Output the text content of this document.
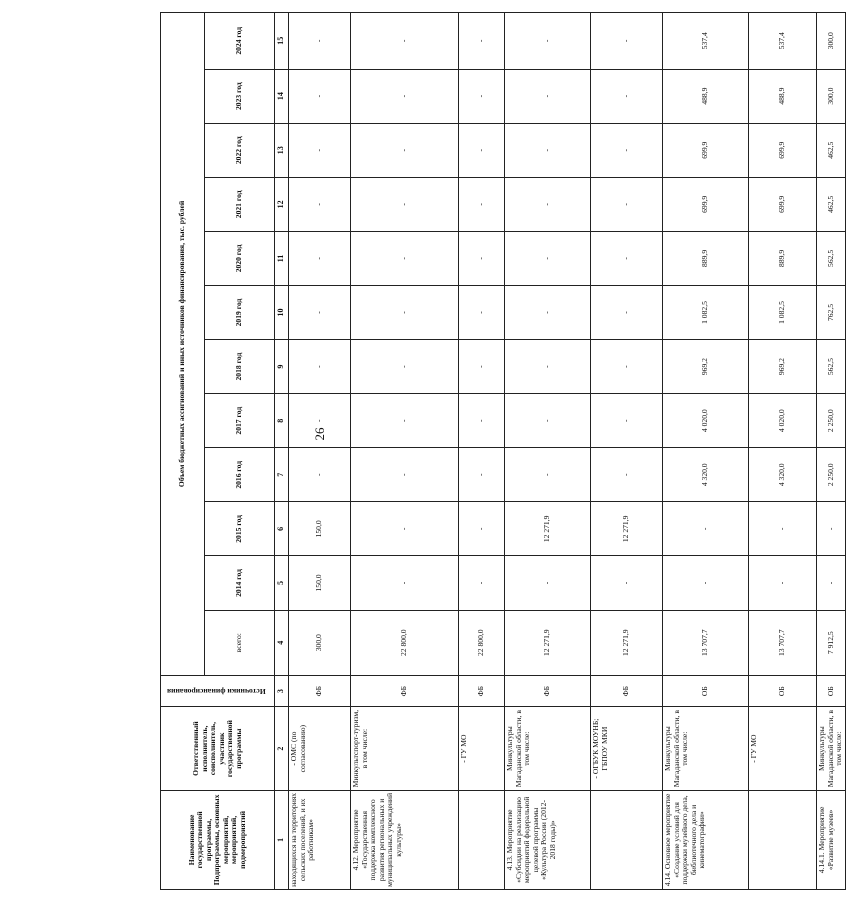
26
Наименование государственной программы, Подпрограммы, основных мероприятий, мероприятий, подмероприятий	Ответственный исполнитель, соисполнитель, участник государственной программы	Источники финансирования	Объем бюджетных ассигнований и иных источников финансирования, тыс. рублей											
			всего:	2014 год	2015 год	2016 год	2017 год	2018 год	2019 год	2020 год	2021 год	2022 год	2023 год	2024 год
1	2	3	4	5	6	7	8	9	10	11	12	13	14	15
находящихся на территориях сельских поселений, и их работникам»	- ОМС (по согласованию)	ФБ	300,0	150,0	150,0	-	-	-	-	-	-	-	-	-
4.12. Мероприятие «Государственная поддержка комплексного развития региональных и муниципальных учреждений культуры»	Минкультспорт-туризм, в том числе:	ФБ	22 800,0	-	-	-	-	-	-	-	-	-	-	-
	- ГУ МО	ФБ	22 800,0	-	-	-	-	-	-	-	-	-	-	-
4.13. Мероприятие «Субсидии на реализацию мероприятий федеральной целевой программы «Культура России (2012-2018 годы)»	Минкультуры Магаданской области, в том числе:	ФБ	12 271,9	-	12 271,9	-	-	-	-	-	-	-	-	-
	- ОГБУК МОУНБ; ГБПОУ МКИ	ФБ	12 271,9	-	12 271,9	-	-	-	-	-	-	-	-	-
4.14. Основное мероприятие «Создание условий для поддержки музейного дела, библиотечного дела и кинематографии»	Минкультуры Магаданской области, в том числе:	ОБ	13 707,7	-	-	4 320,0	4 020,0	969,2	1 082,5	889,9	699,9	699,9	488,9	537,4
	- ГУ МО	ОБ	13 707,7	-	-	4 320,0	4 020,0	969,2	1 082,5	889,9	699,9	699,9	488,9	537,4
4.14.1. Мероприятие «Развитие музеев»	Минкультуры Магаданской области, в том числе:	ОБ	7 912,5	-	-	2 250,0	2 250,0	562,5	762,5	562,5	462,5	462,5	300,0	300,0
